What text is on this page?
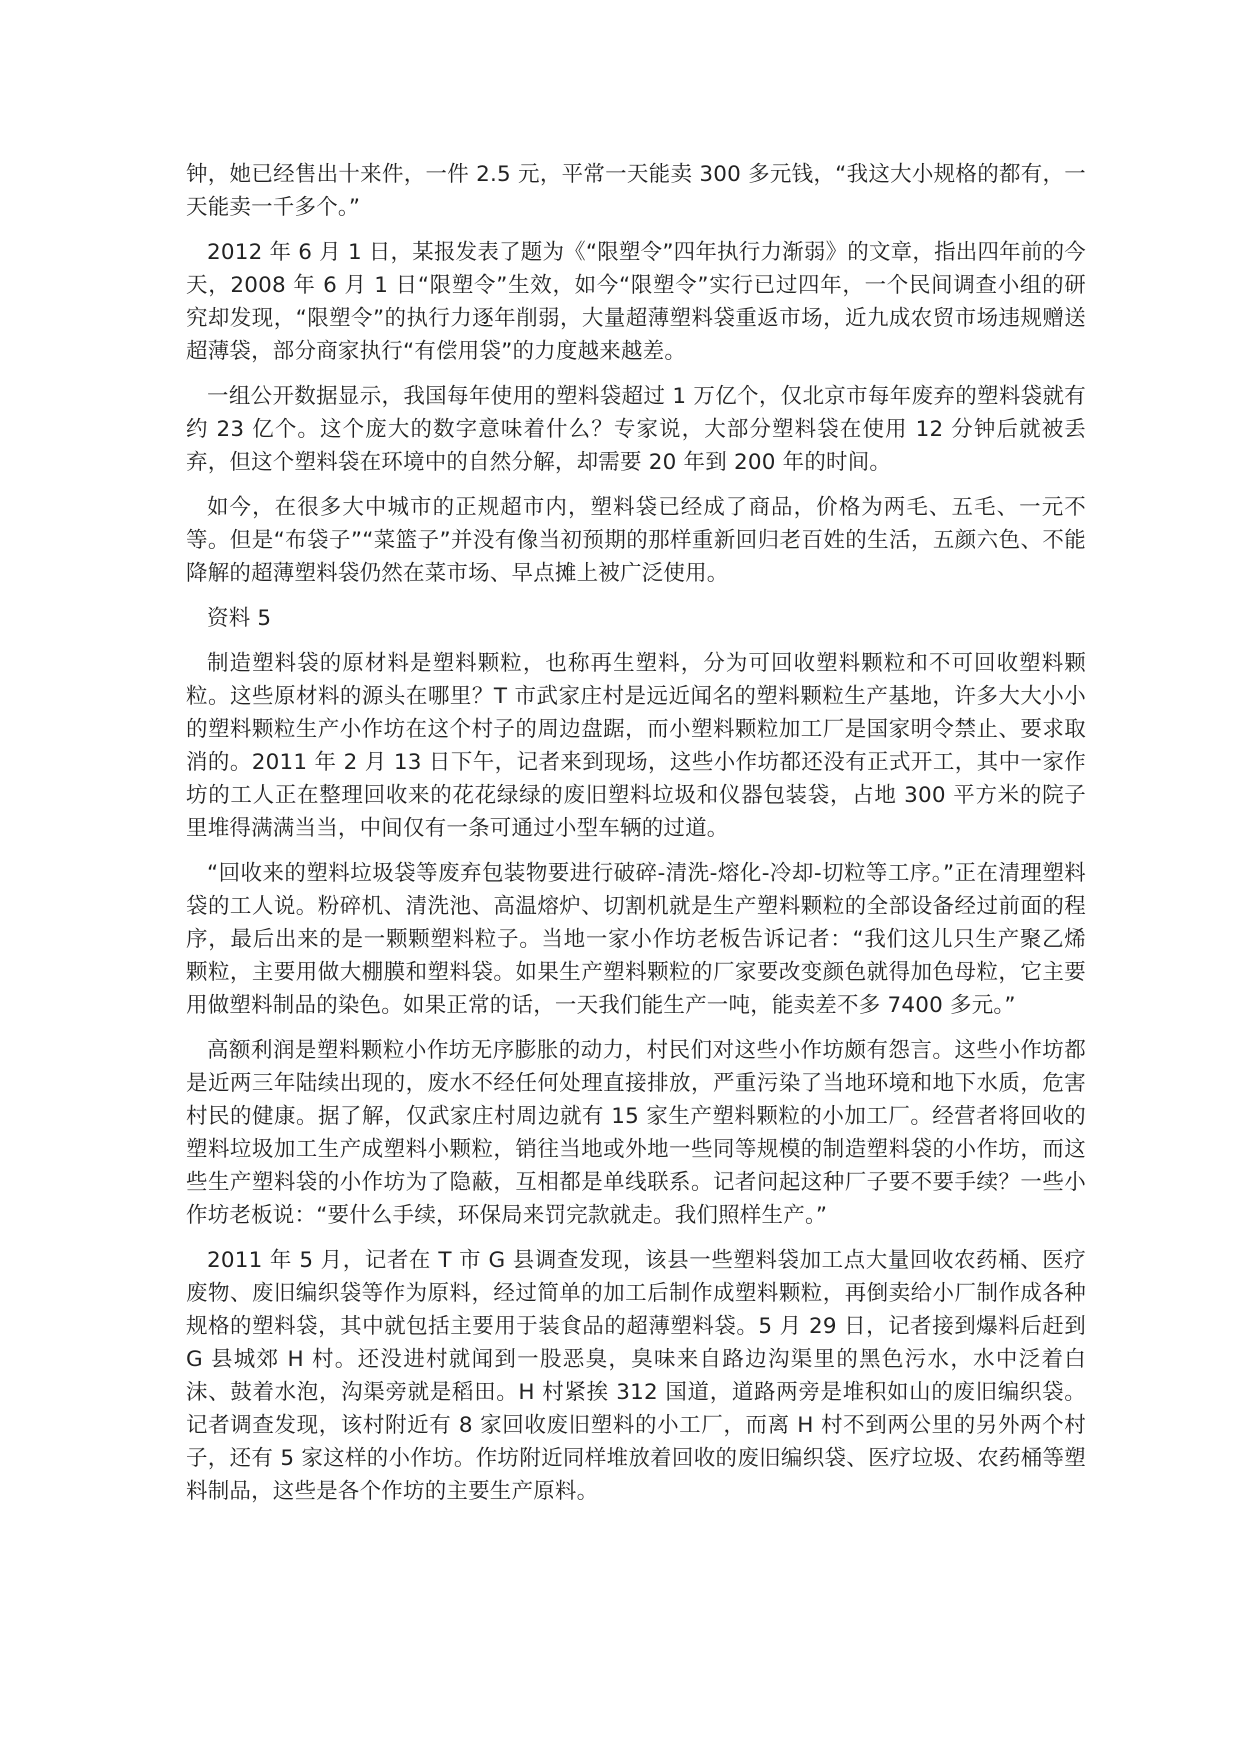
钟，她已经售出十来件，一件 2.5 元，平常一天能卖 300 多元钱，“我这大小规格的都有，一天能卖一千多个。”

2012 年 6 月 1 日，某报发表了题为《“限塑令”四年执行力渐弱》的文章，指出四年前的今天，2008 年 6 月 1 日“限塑令”生效，如今“限塑令”实行已过四年，一个民间调查小组的研究却发现，“限塑令”的执行力逐年削弱，大量超薄塑料袋重返市场，近九成农贸市场违规赠送超薄袋，部分商家执行“有偿用袋”的力度越来越差。

一组公开数据显示，我国每年使用的塑料袋超过 1 万亿个，仅北京市每年废弃的塑料袋就有约 23 亿个。这个庞大的数字意味着什么？专家说，大部分塑料袋在使用 12 分钟后就被丢弃，但这个塑料袋在环境中的自然分解，却需要 20 年到 200 年的时间。

如今，在很多大中城市的正规超市内，塑料袋已经成了商品，价格为两毛、五毛、一元不等。但是“布袋子”“菜篮子”并没有像当初预期的那样重新回归老百姓的生活，五颜六色、不能降解的超薄塑料袋仍然在菜市场、早点摊上被广泛使用。

资料 5

制造塑料袋的原材料是塑料颗粒，也称再生塑料，分为可回收塑料颗粒和不可回收塑料颗粒。这些原材料的源头在哪里？T 市武家庄村是远近闻名的塑料颗粒生产基地，许多大大小小的塑料颗粒生产小作坊在这个村子的周边盘踞，而小塑料颗粒加工厂是国家明令禁止、要求取消的。2011 年 2 月 13 日下午，记者来到现场，这些小作坊都还没有正式开工，其中一家作坊的工人正在整理回收来的花花绿绿的废旧塑料垃圾和仪器包装袋，占地 300 平方米的院子里堆得满满当当，中间仅有一条可通过小型车辆的过道。

“回收来的塑料垃圾袋等废弃包装物要进行破碎-清洗-熔化-冷却-切粒等工序。”正在清理塑料袋的工人说。粉碎机、清洗池、高温熔炉、切割机就是生产塑料颗粒的全部设备经过前面的程序，最后出来的是一颗颗塑料粒子。当地一家小作坊老板告诉记者：“我们这儿只生产聚乙烯颗粒，主要用做大棚膜和塑料袋。如果生产塑料颗粒的厂家要改变颜色就得加色母粒，它主要用做塑料制品的染色。如果正常的话，一天我们能生产一吨，能卖差不多 7400 多元。”

高额利润是塑料颗粒小作坊无序膨胀的动力，村民们对这些小作坊颇有怨言。这些小作坊都是近两三年陆续出现的，废水不经任何处理直接排放，严重污染了当地环境和地下水质，危害村民的健康。据了解，仅武家庄村周边就有 15 家生产塑料颗粒的小加工厂。经营者将回收的塑料垃圾加工生产成塑料小颗粒，销往当地或外地一些同等规模的制造塑料袋的小作坊，而这些生产塑料袋的小作坊为了隐蔽，互相都是单线联系。记者问起这种厂子要不要手续？一些小作坊老板说：“要什么手续，环保局来罚完款就走。我们照样生产。”

2011 年 5 月，记者在 T 市 G 县调查发现，该县一些塑料袋加工点大量回收农药桶、医疗废物、废旧编织袋等作为原料，经过简单的加工后制作成塑料颗粒，再倒卖给小厂制作成各种规格的塑料袋，其中就包括主要用于装食品的超薄塑料袋。5 月 29 日，记者接到爆料后赶到 G 县城郊 H 村。还没进村就闻到一股恶臭，臭味来自路边沟渠里的黑色污水，水中泛着白沫、鼓着水泡，沟渠旁就是稻田。H 村紧挨 312 国道，道路两旁是堆积如山的废旧编织袋。记者调查发现，该村附近有 8 家回收废旧塑料的小工厂，而离 H 村不到两公里的另外两个村子，还有 5 家这样的小作坊。作坊附近同样堆放着回收的废旧编织袋、医疗垃圾、农药桶等塑料制品，这些是各个作坊的主要生产原料。
